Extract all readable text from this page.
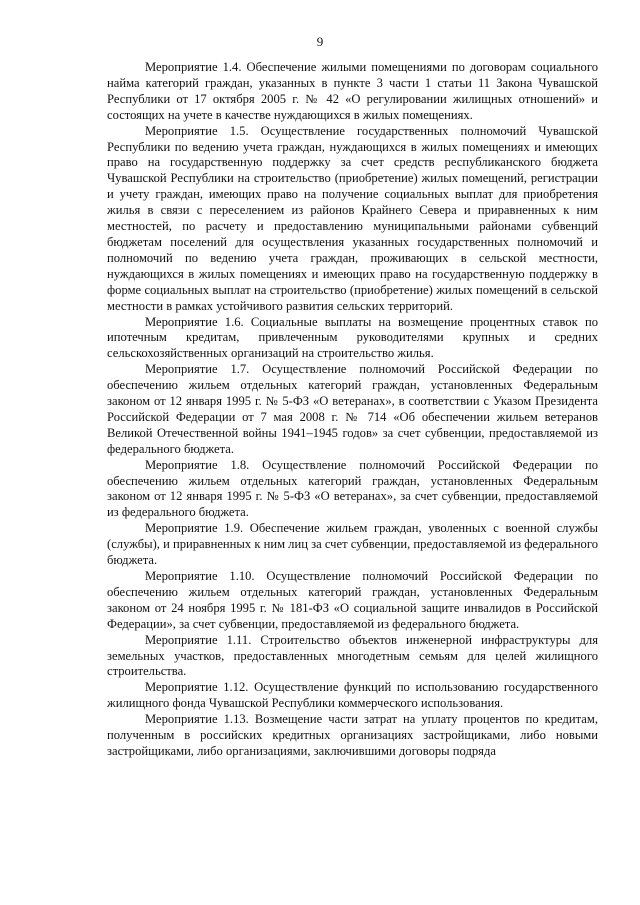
9

Мероприятие 1.4. Обеспечение жилыми помещениями по договорам социального найма категорий граждан, указанных в пункте 3 части 1 статьи 11 Закона Чувашской Республики от 17 октября 2005 г. № 42 «О регулировании жилищных отношений» и состоящих на учете в качестве нуждающихся в жилых помещениях.

Мероприятие 1.5. Осуществление государственных полномочий Чувашской Республики по ведению учета граждан, нуждающихся в жилых помещениях и имеющих право на государственную поддержку за счет средств республиканского бюджета Чувашской Республики на строительство (приобретение) жилых помещений, регистрации и учету граждан, имеющих право на получение социальных выплат для приобретения жилья в связи с переселением из районов Крайнего Севера и приравненных к ним местностей, по расчету и предоставлению муниципальными районами субвенций бюджетам поселений для осуществления указанных государственных полномочий и полномочий по ведению учета граждан, проживающих в сельской местности, нуждающихся в жилых помещениях и имеющих право на государственную поддержку в форме социальных выплат на строительство (приобретение) жилых помещений в сельской местности в рамках устойчивого развития сельских территорий.

Мероприятие 1.6. Социальные выплаты на возмещение процентных ставок по ипотечным кредитам, привлеченным руководителями крупных и средних сельскохозяйственных организаций на строительство жилья.

Мероприятие 1.7. Осуществление полномочий Российской Федерации по обеспечению жильем отдельных категорий граждан, установленных Федеральным законом от 12 января 1995 г. № 5-ФЗ «О ветеранах», в соответствии с Указом Президента Российской Федерации от 7 мая 2008 г. № 714 «Об обеспечении жильем ветеранов Великой Отечественной войны 1941–1945 годов» за счет субвенции, предоставляемой из федерального бюджета.

Мероприятие 1.8. Осуществление полномочий Российской Федерации по обеспечению жильем отдельных категорий граждан, установленных Федеральным законом от 12 января 1995 г. № 5-ФЗ «О ветеранах», за счет субвенции, предоставляемой из федерального бюджета.

Мероприятие 1.9. Обеспечение жильем граждан, уволенных с военной службы (службы), и приравненных к ним лиц за счет субвенции, предоставляемой из федерального бюджета.

Мероприятие 1.10. Осуществление полномочий Российской Федерации по обеспечению жильем отдельных категорий граждан, установленных Федеральным законом от 24 ноября 1995 г. № 181-ФЗ «О социальной защите инвалидов в Российской Федерации», за счет субвенции, предоставляемой из федерального бюджета.

Мероприятие 1.11. Строительство объектов инженерной инфраструктуры для земельных участков, предоставленных многодетным семьям для целей жилищного строительства.

Мероприятие 1.12. Осуществление функций по использованию государственного жилищного фонда Чувашской Республики коммерческого использования.

Мероприятие 1.13. Возмещение части затрат на уплату процентов по кредитам, полученным в российских кредитных организациях застройщиками, либо новыми застройщиками, либо организациями, заключившими договоры подряда
